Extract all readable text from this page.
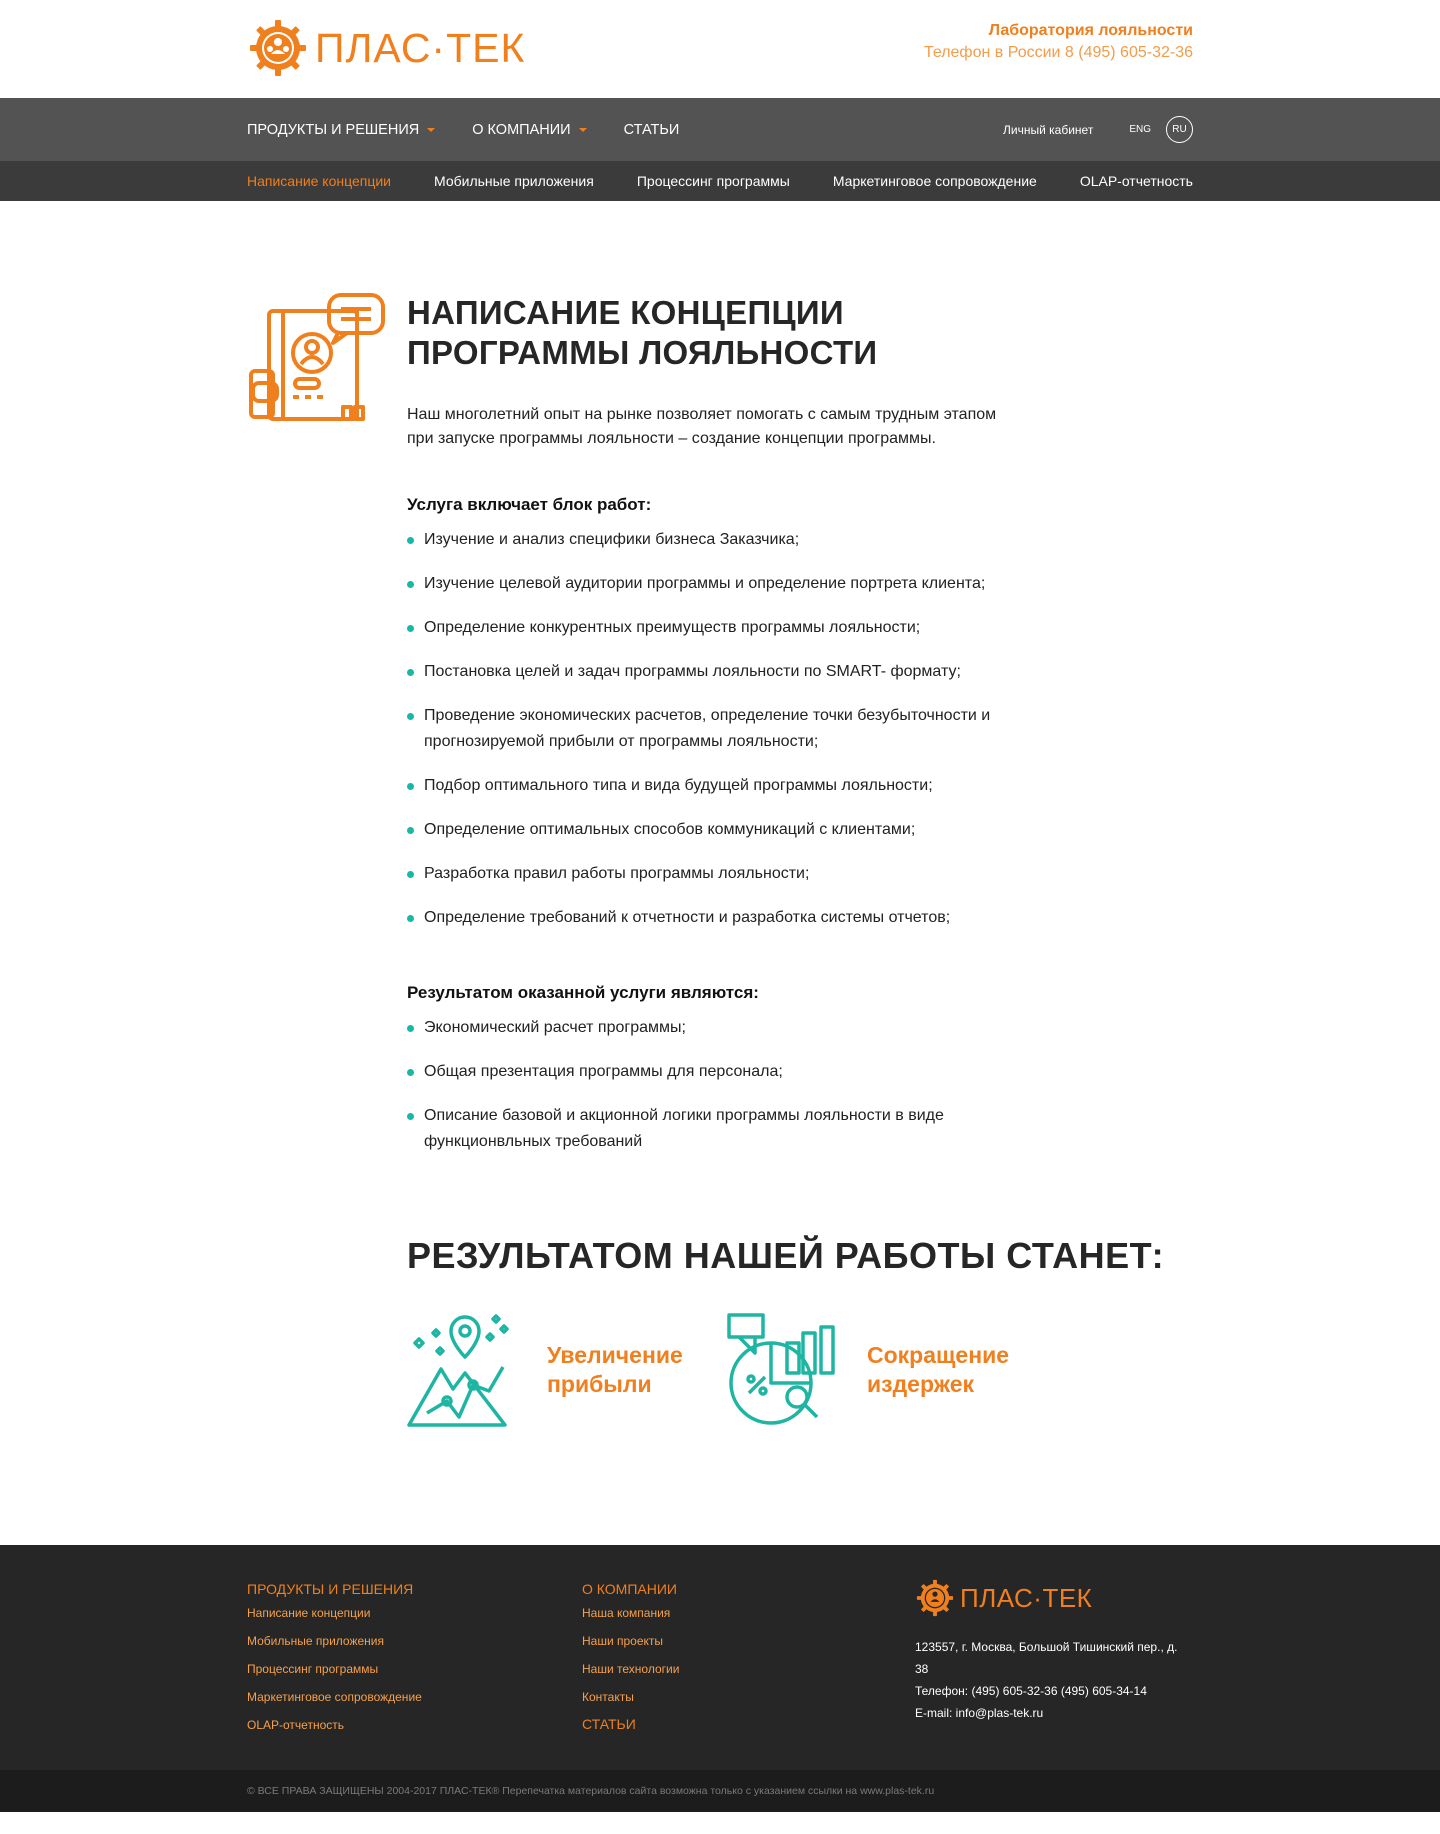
ПЛАС·ТЕК	Лаборатория лояльности
Телефон в России 8 (495) 605-32-36
ПРОДУКТЫ И РЕШЕНИЯ	О КОМПАНИИ	СТАТЬИ	Личный кабинет	ENG	RU
Написание концепции	Мобильные приложения	Процессинг программы	Маркетинговое сопровождение	OLAP-отчетность
НАПИСАНИЕ КОНЦЕПЦИИ
ПРОГРАММЫ ЛОЯЛЬНОСТИ

Наш многолетний опыт на рынке позволяет помогать с самым трудным этапом при запуске программы лояльности – создание концепции программы.

Услуга включает блок работ:
Изучение и анализ специфики бизнеса Заказчика;
Изучение целевой аудитории программы и определение портрета клиента;
Определение конкурентных преимуществ программы лояльности;
Постановка целей и задач программы лояльности по SMART- формату;
Проведение экономических расчетов, определение точки безубыточности и прогнозируемой прибыли от программы лояльности;
Подбор оптимального типа и вида будущей программы лояльности;
Определение оптимальных способов коммуникаций с клиентами;
Разработка правил работы программы лояльности;
Определение требований к отчетности и разработка системы отчетов;
Результатом оказанной услуги являются:
Экономический расчет программы;
Общая презентация программы для персонала;
Описание базовой и акционной логики программы лояльности в виде функционвльных требований
РЕЗУЛЬТАТОМ НАШЕЙ РАБОТЫ СТАНЕТ:
Увеличение
прибыли
Сокращение
издержек
ПРОДУКТЫ И РЕШЕНИЯ
Написание концепции
Мобильные приложения
Процессинг программы
Маркетинговое сопровождение
OLAP-отчетность
О КОМПАНИИ
Наша компания
Наши проекты
Наши технологии
Контакты
СТАТЬИ
ПЛАС·ТЕК
123557, г. Москва, Большой Тишинский пер., д. 38
Телефон: (495) 605-32-36 (495) 605-34-14
E-mail: info@plas-tek.ru
© ВСЕ ПРАВА ЗАЩИЩЕНЫ 2004-2017 ПЛАС-ТЕК® Перепечатка материалов сайта возможна только с указанием ссылки на www.plas-tek.ru
